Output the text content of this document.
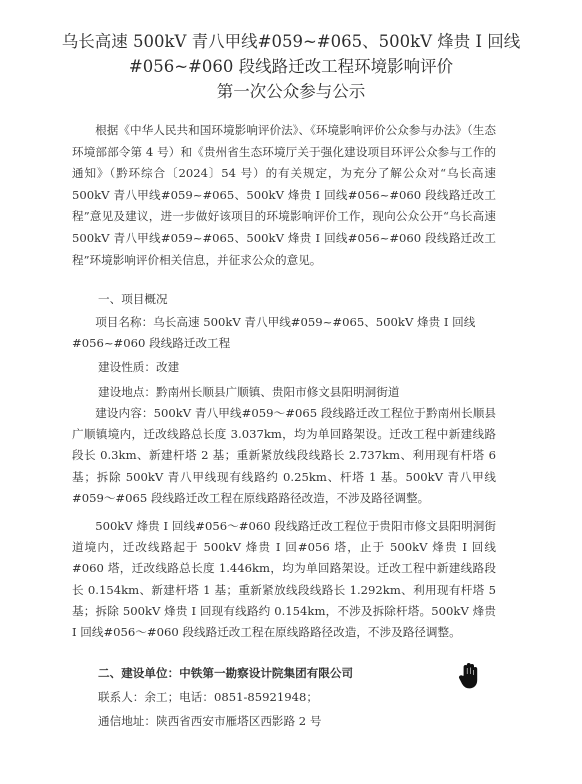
乌长高速 500kV 青八甲线#059~#065、500kV 烽贵 I 回线
#056~#060 段线路迁改工程环境影响评价
第一次公众参与公示

根据《中华人民共和国环境影响评价法》、《环境影响评价公众参与办法》（生态环境部部令第 4 号）和《贵州省生态环境厅关于强化建设项目环评公众参与工作的通知》（黔环综合〔2024〕54 号）的有关规定，为充分了解公众对“乌长高速 500kV 青八甲线#059~#065、500kV 烽贵 I 回线#056~#060 段线路迁改工程”意见及建议，进一步做好该项目的环境影响评价工作，现向公众公开“乌长高速 500kV 青八甲线#059~#065、500kV 烽贵 I 回线#056~#060 段线路迁改工程”环境影响评价相关信息，并征求公众的意见。

一、项目概况

项目名称：乌长高速 500kV 青八甲线#059~#065、500kV 烽贵 I 回线#056~#060 段线路迁改工程

建设性质：改建

建设地点：黔南州长顺县广顺镇、贵阳市修文县阳明洞街道

建设内容：500kV 青八甲线#059～#065 段线路迁改工程位于黔南州长顺县广顺镇境内，迁改线路总长度 3.037km，均为单回路架设。迁改工程中新建线路段长 0.3km、新建杆塔 2 基；重新紧放线段线路长 2.737km、利用现有杆塔 6 基；拆除 500kV 青八甲线现有线路约 0.25km、杆塔 1 基。500kV 青八甲线#059～#065 段线路迁改工程在原线路路径改造，不涉及路径调整。

500kV 烽贵 I 回线#056～#060 段线路迁改工程位于贵阳市修文县阳明洞街道境内，迁改线路起于 500kV 烽贵 I 回#056 塔，止于 500kV 烽贵 I 回线#060 塔，迁改线路总长度 1.446km，均为单回路架设。迁改工程中新建线路段长 0.154km、新建杆塔 1 基；重新紧放线段线路长 1.292km、利用现有杆塔 5 基；拆除 500kV 烽贵 I 回现有线路约 0.154km，不涉及拆除杆塔。500kV 烽贵 I 回线#056～#060 段线路迁改工程在原线路路径改造，不涉及路径调整。

二、建设单位：中铁第一勘察设计院集团有限公司

联系人：余工；电话：0851-85921948；

通信地址：陕西省西安市雁塔区西影路 2 号
